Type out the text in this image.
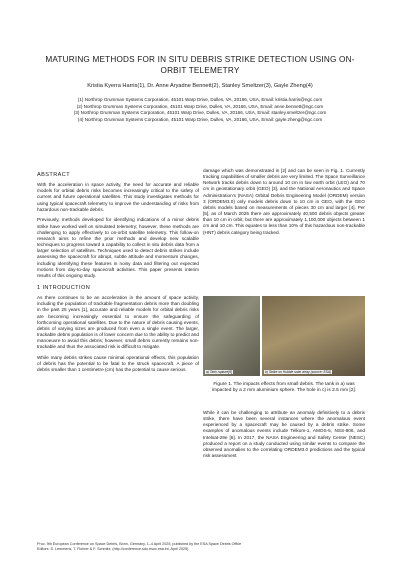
MATURING METHODS FOR IN SITU DEBRIS STRIKE DETECTION USING ON-ORBIT TELEMETRY
Kristia Kyerra Harris(1), Dr. Anne Aryadne Bennett(2), Stanley Smeltzer(3), Gayle Zheng(4)
(1) Northrop Grumman Systems Corporation, 45101 Warp Drive, Dulles, VA, 20166, USA, Email: kristia.harris@ngc.com
(2) Northrop Grumman Systems Corporation, 45101 Warp Drive, Dulles, VA, 20166, USA, Email: anne.bennett@ngc.com
(3) Northrop Grumman Systems Corporation, 45101 Warp Drive, Dulles, VA, 20166, USA, Email: stanley.smeltzer@ngc.com
(4) Northrop Grumman Systems Corporation, 45101 Warp Drive, Dulles, VA, 20166, USA, Email: gayle.zheng@ngc.com
ABSTRACT

With the acceleration in space activity, the need for accurate and reliable models for orbital debris risks becomes increasingly critical to the safety of current and future operational satellites. This study investigates methods for using typical spacecraft telemetry to improve the understanding of risks from hazardous non-trackable debris.

Previously, methods developed for identifying indications of a minor debris strike have worked well on simulated telemetry; however, these methods are challenging to apply effectively to on-orbit satellite telemetry. This follow-on research aims to refine the prior methods and develop new scalable techniques to progress toward a capability to collect in situ debris data from a larger selection of satellites. Techniques used to detect debris strikes include assessing the spacecraft for abrupt, subtle attitude and momentum changes, including identifying these features in noisy data and filtering out expected motions from day-to-day spacecraft activities. This paper presents interim results of this ongoing study.

1 INTRODUCTION

As there continues to be an acceleration in the amount of space activity, including the population of trackable fragmentation debris more than doubling in the past 25 years [1], accurate and reliable models for orbital debris risks are becoming increasingly essential to ensure the safeguarding of forthcoming operational satellites. Due to the nature of debris causing events, debris of varying sizes are produced from even a single event. The larger, trackable debris population is of lower concern due to the ability to predict and manoeuvre to avoid this debris; however, small debris currently remains non-trackable and thus the associated risk is difficult to mitigate.

While many debris strikes cause minimal operational effects, this population of debris has the potential to be fatal to the struck spacecraft. A piece of debris smaller than 1 centimetre (cm) has the potential to cause serious

damage which was demonstrated in [2] and can be seen in Fig. 1. Currently tracking capabilities of smaller debris are very limited. The Space Surveillance Network tracks debris down to around 10 cm in low earth orbit (LEO) and 70 cm in geostationary orbit (GEO) [3], and the National Aeronautics and Space Administration's (NASA) Orbital Debris Engineering Model (ORDEM) version 3 (ORDEM3.0) only models debris down to 10 cm in GEO, with the GEO debris models based on measurements of pieces 30 cm and larger [4]. Per [5], as of March 2025 there are approximately 40,500 debris objects greater than 10 cm in orbit, but there are approximately 1,100,000 objects between 1 cm and 10 cm. This equates to less than 10% of this hazardous non-trackable (HNT) debris category being tracked.

a) Tank rupture[6]	b) Strike on Hubble solar array (source: ESA)
Figure 1. The impacts effects from small debris. The tank in a) was impacted by a 2 mm aluminium sphere. The hole in c) is 2.5 mm [2].

While it can be challenging to attribute an anomaly definitively to a debris strike, there have been several instances where the anomalous event experienced by a spacecraft may be caused by a debris strike. Some examples of anomalous events include Telkom-1, AMOS-5, NSS-806, and Intelsat-29e [6]. In 2017, the NASA Engineering and Safety Center (NESC) produced a report on a study conducted using similar events to compare the observed anomalies to the correlating ORDEM3.0 predictions and the typical risk assessment

Proc. 9th European Conference on Space Debris, Bonn, Germany, 1–4 April 2025, published by the ESA Space Debris Office
Editors: S. Lemmens, T. Flohrer & F. Schmitz, (http://conference.sdo.esoc.esa.int, April 2025)
